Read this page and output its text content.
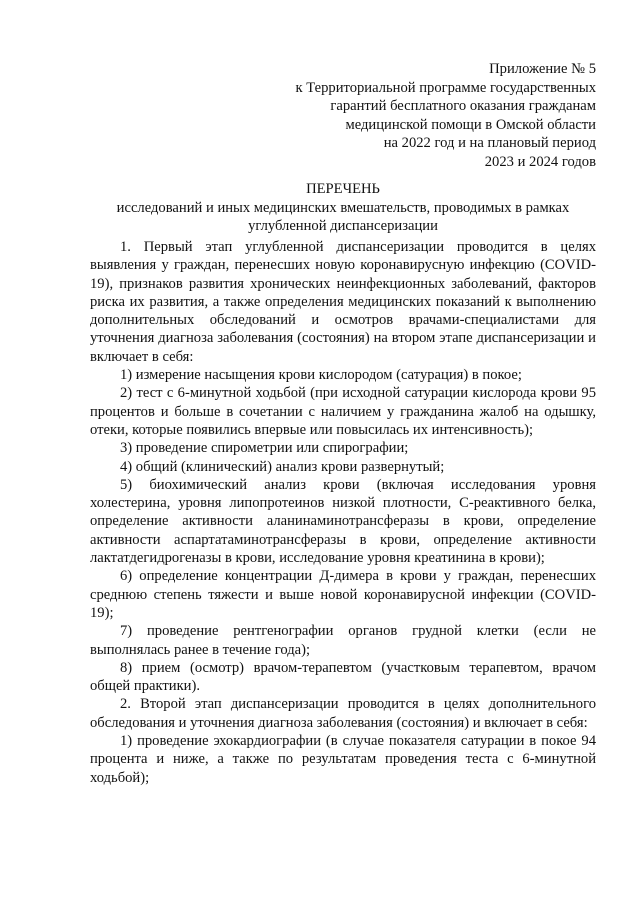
Приложение № 5
к Территориальной программе государственных
гарантий бесплатного оказания гражданам
медицинской помощи в Омской области
на 2022 год и на плановый период
2023 и 2024 годов
ПЕРЕЧЕНЬ
исследований и иных медицинских вмешательств, проводимых в рамках
углубленной диспансеризации

1. Первый этап углубленной диспансеризации проводится в целях выявления у граждан, перенесших новую коронавирусную инфекцию (COVID-19), признаков развития хронических неинфекционных заболеваний, факторов риска их развития, а также определения медицинских показаний к выполнению дополнительных обследований и осмотров врачами-специалистами для уточнения диагноза заболевания (состояния) на втором этапе диспансеризации и включает в себя:

1) измерение насыщения крови кислородом (сатурация) в покое;

2) тест с 6-минутной ходьбой (при исходной сатурации кислорода крови 95 процентов и больше в сочетании с наличием у гражданина жалоб на одышку, отеки, которые появились впервые или повысилась их интенсивность);

3) проведение спирометрии или спирографии;

4) общий (клинический) анализ крови развернутый;

5) биохимический анализ крови (включая исследования уровня холестерина, уровня липопротеинов низкой плотности, С-реактивного белка, определение активности аланинаминотрансферазы в крови, определение активности аспартатаминотрансферазы в крови, определение активности лактатдегидрогеназы в крови, исследование уровня креатинина в крови);

6) определение концентрации Д-димера в крови у граждан, перенесших среднюю степень тяжести и выше новой коронавирусной инфекции (COVID-19);

7) проведение рентгенографии органов грудной клетки (если не выполнялась ранее в течение года);

8) прием (осмотр) врачом-терапевтом (участковым терапевтом, врачом общей практики).

2. Второй этап диспансеризации проводится в целях дополнительного обследования и уточнения диагноза заболевания (состояния) и включает в себя:

1) проведение эхокардиографии (в случае показателя сатурации в покое 94 процента и ниже, а также по результатам проведения теста с 6-минутной ходьбой);
